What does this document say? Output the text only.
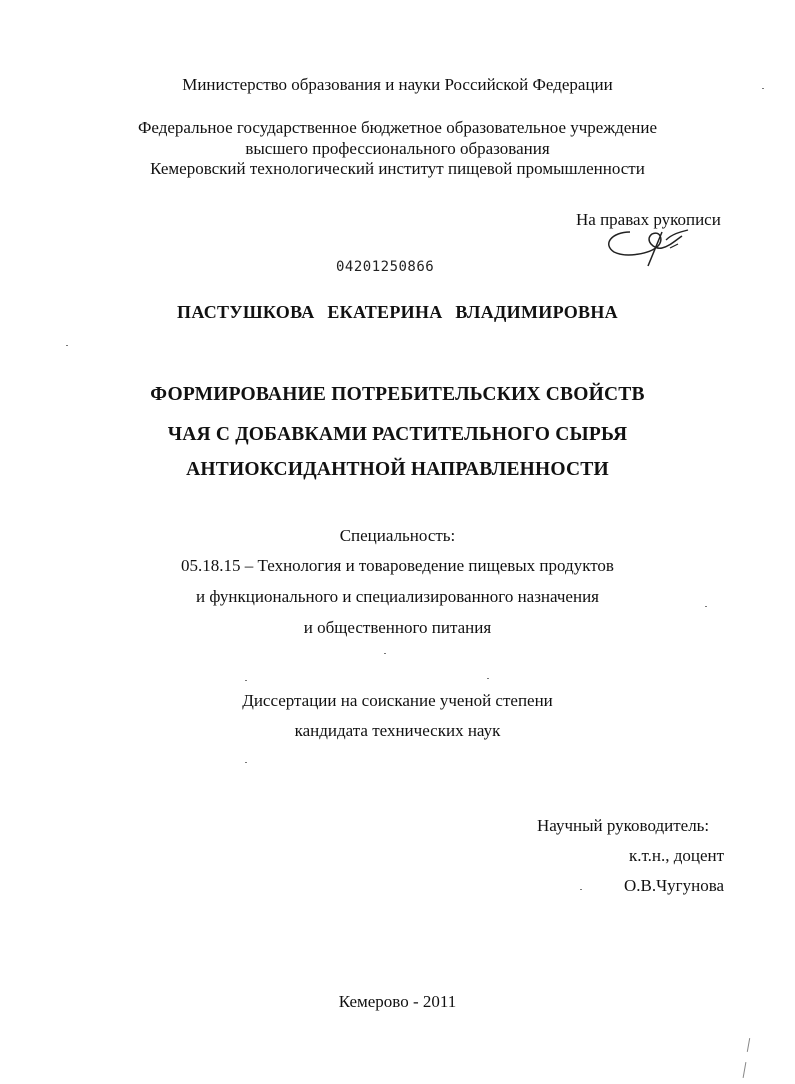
Министерство образования и науки Российской Федерации
Федеральное государственное бюджетное образовательное учреждение
высшего профессионального образования
Кемеровский технологический институт пищевой промышленности
На правах рукописи
04201250866
ПАСТУШКОВА ЕКАТЕРИНА ВЛАДИМИРОВНА
ФОРМИРОВАНИЕ ПОТРЕБИТЕЛЬСКИХ СВОЙСТВ
ЧАЯ С ДОБАВКАМИ РАСТИТЕЛЬНОГО СЫРЬЯ
АНТИОКСИДАНТНОЙ НАПРАВЛЕННОСТИ
Специальность:
05.18.15 – Технология и товароведение пищевых продуктов
и функционального и специализированного назначения
и общественного питания
Диссертации на соискание ученой степени
кандидата технических наук
Научный руководитель:
к.т.н., доцент
О.В.Чугунова
Кемерово - 2011
